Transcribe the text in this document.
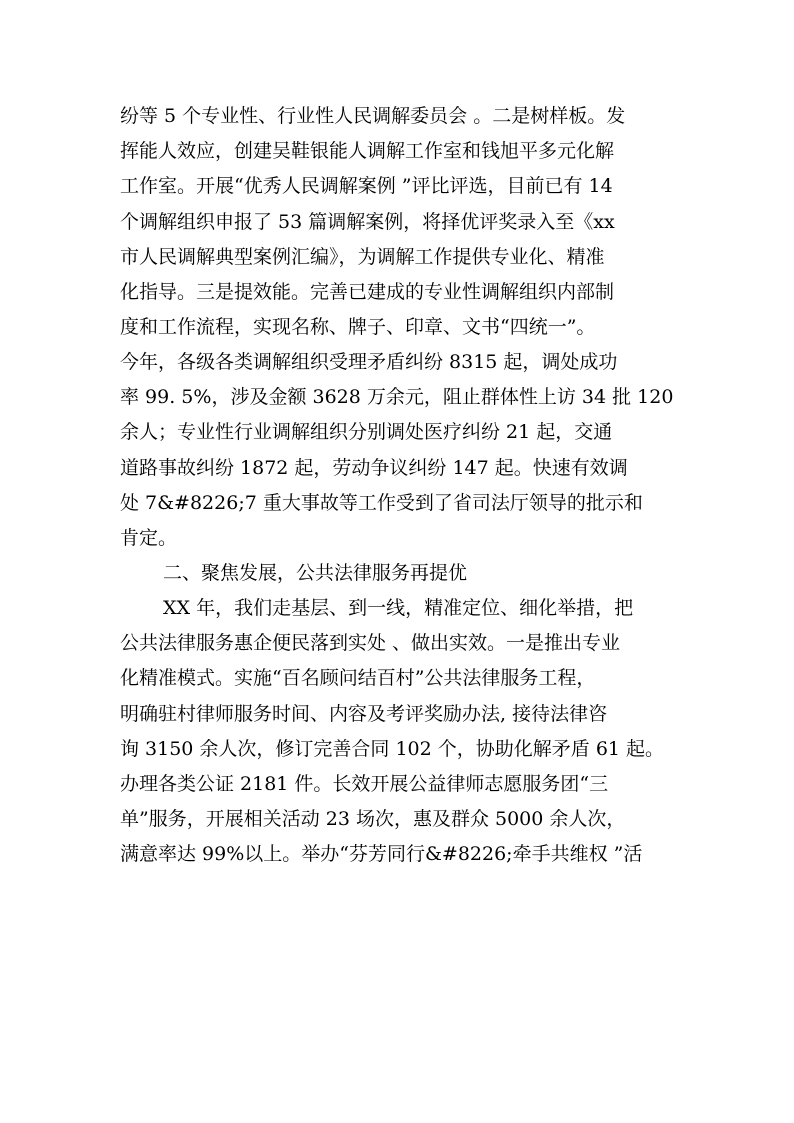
纷等 5 个专业性、行业性人民调解委员会 。二是树样板。发
挥能人效应，创建吴鞋银能人调解工作室和钱旭平多元化解
工作室。开展“优秀人民调解案例 ”评比评选，目前已有 14
个调解组织申报了 53 篇调解案例，将择优评奖录入至《xx
市人民调解典型案例汇编》，为调解工作提供专业化、精准
化指导。三是提效能。完善已建成的专业性调解组织内部制
度和工作流程，实现名称、牌子、印章、文书“四统一”。
今年，各级各类调解组织受理矛盾纠纷 8315 起，调处成功
率 99. 5%，涉及金额 3628 万余元，阻止群体性上访 34 批 120
余人；专业性行业调解组织分别调处医疗纠纷 21 起，交通
道路事故纠纷 1872 起，劳动争议纠纷 147 起。快速有效调
处 7&#8226;7 重大事故等工作受到了省司法厅领导的批示和
肯定。
二、聚焦发展，公共法律服务再提优
XX 年，我们走基层、到一线，精准定位、细化举措，把
公共法律服务惠企便民落到实处 、做出实效。一是推出专业
化精准模式。实施“百名顾问结百村”公共法律服务工程，
明确驻村律师服务时间、内容及考评奖励办法, 接待法律咨
询 3150 余人次，修订完善合同 102 个，协助化解矛盾 61 起。
办理各类公证 2181 件。长效开展公益律师志愿服务团“三
单”服务，开展相关活动 23 场次，惠及群众 5000 余人次，
满意率达 99%以上。举办“芬芳同行&#8226;牵手共维权 ”活
